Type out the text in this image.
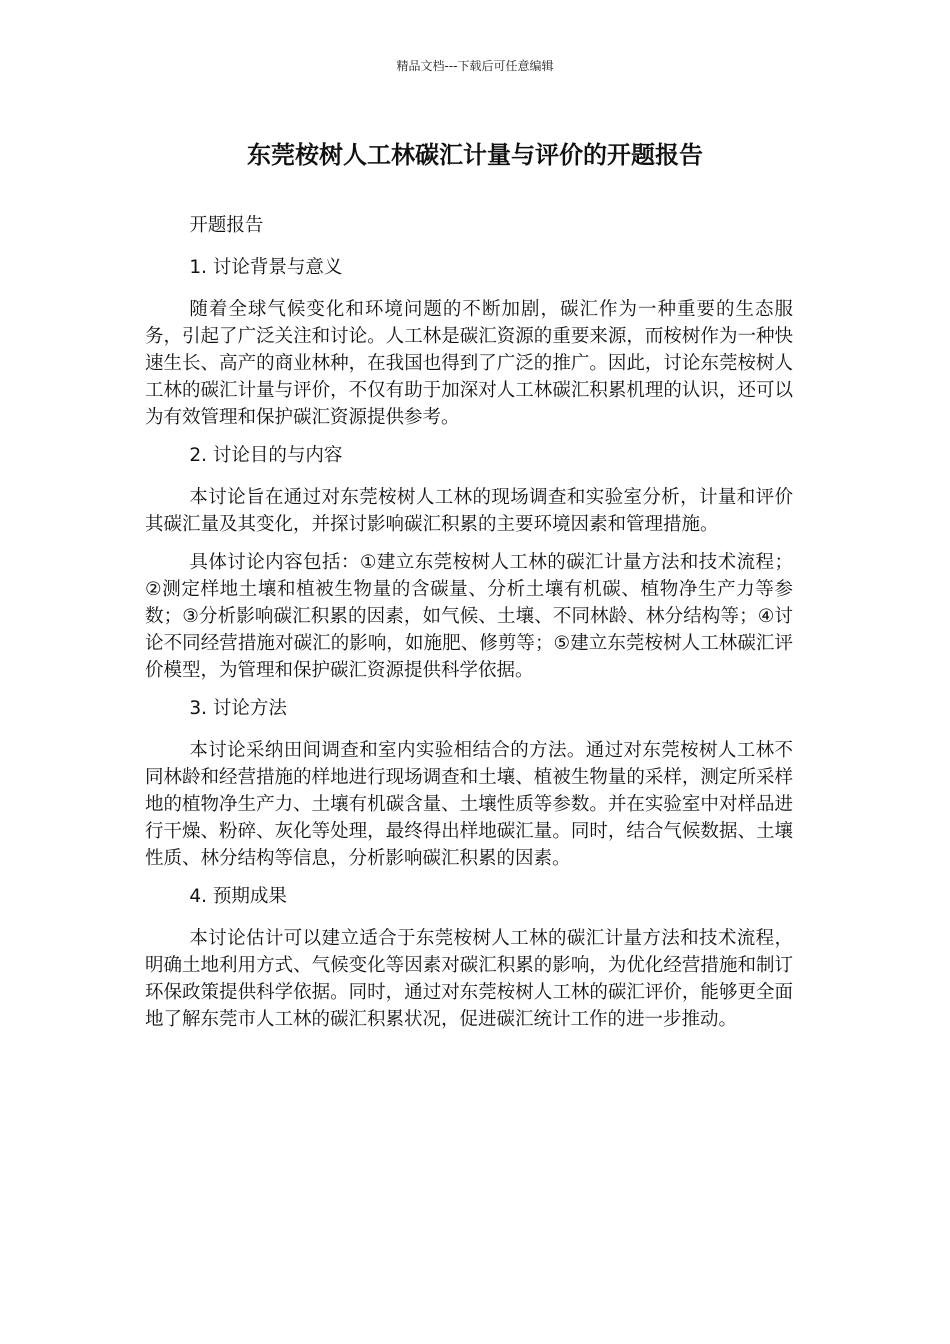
精品文档---下载后可任意编辑
东莞桉树人工林碳汇计量与评价的开题报告

开题报告

1. 讨论背景与意义

随着全球气候变化和环境问题的不断加剧，碳汇作为一种重要的生态服务，引起了广泛关注和讨论。人工林是碳汇资源的重要来源，而桉树作为一种快速生长、高产的商业林种，在我国也得到了广泛的推广。因此，讨论东莞桉树人工林的碳汇计量与评价，不仅有助于加深对人工林碳汇积累机理的认识，还可以为有效管理和保护碳汇资源提供参考。

2. 讨论目的与内容

本讨论旨在通过对东莞桉树人工林的现场调查和实验室分析，计量和评价其碳汇量及其变化，并探讨影响碳汇积累的主要环境因素和管理措施。

具体讨论内容包括：①建立东莞桉树人工林的碳汇计量方法和技术流程；②测定样地土壤和植被生物量的含碳量、分析土壤有机碳、植物净生产力等参数；③分析影响碳汇积累的因素，如气候、土壤、不同林龄、林分结构等；④讨论不同经营措施对碳汇的影响，如施肥、修剪等；⑤建立东莞桉树人工林碳汇评价模型，为管理和保护碳汇资源提供科学依据。

3. 讨论方法

本讨论采纳田间调查和室内实验相结合的方法。通过对东莞桉树人工林不同林龄和经营措施的样地进行现场调查和土壤、植被生物量的采样，测定所采样地的植物净生产力、土壤有机碳含量、土壤性质等参数。并在实验室中对样品进行干燥、粉碎、灰化等处理，最终得出样地碳汇量。同时，结合气候数据、土壤性质、林分结构等信息，分析影响碳汇积累的因素。

4. 预期成果

本讨论估计可以建立适合于东莞桉树人工林的碳汇计量方法和技术流程，明确土地利用方式、气候变化等因素对碳汇积累的影响，为优化经营措施和制订环保政策提供科学依据。同时，通过对东莞桉树人工林的碳汇评价，能够更全面地了解东莞市人工林的碳汇积累状况，促进碳汇统计工作的进一步推动。
